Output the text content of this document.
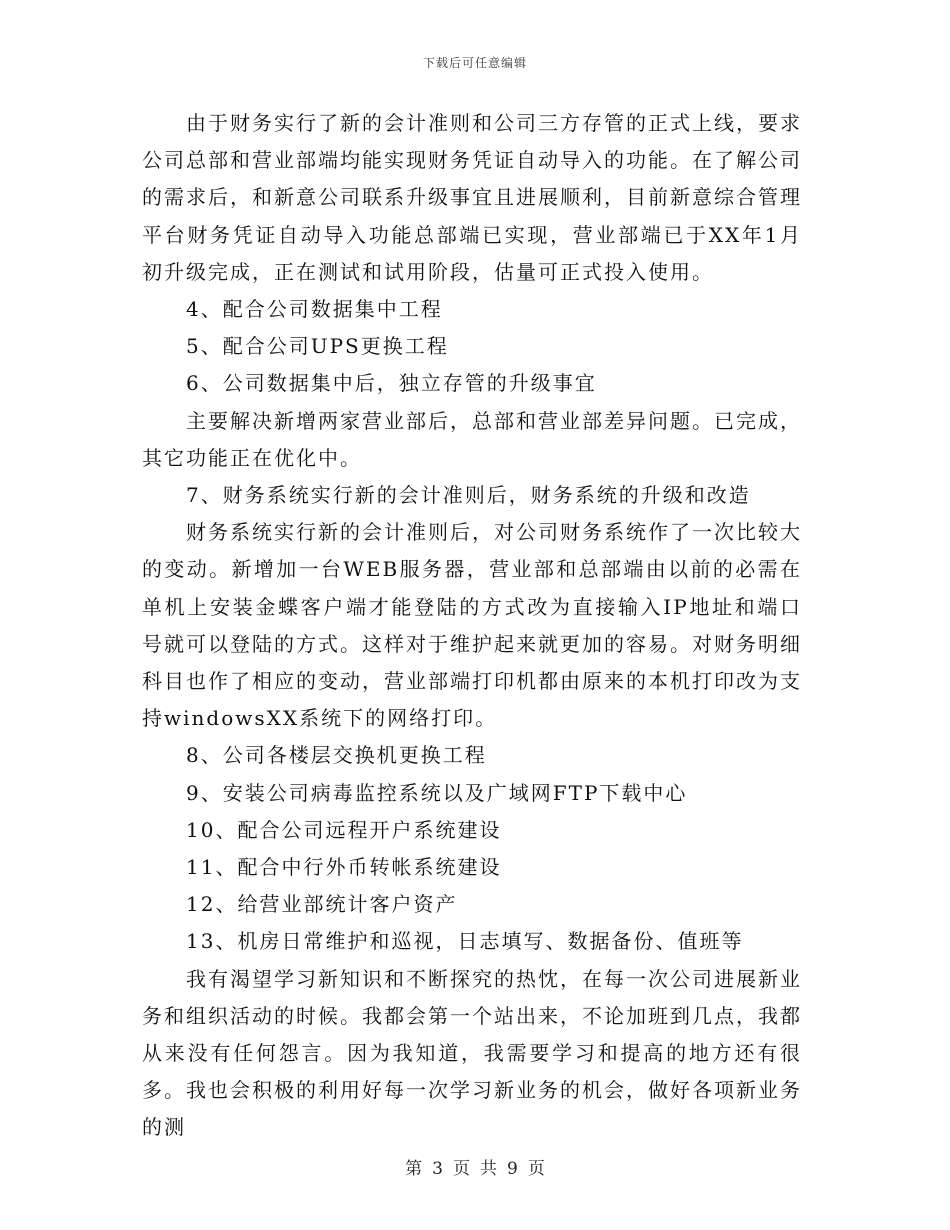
下载后可任意编辑

由于财务实行了新的会计准则和公司三方存管的正式上线，要求公司总部和营业部端均能实现财务凭证自动导入的功能。在了解公司的需求后，和新意公司联系升级事宜且进展顺利，目前新意综合管理平台财务凭证自动导入功能总部端已实现，营业部端已于XX年1月初升级完成，正在测试和试用阶段，估量可正式投入使用。

4、配合公司数据集中工程

5、配合公司UPS更换工程

6、公司数据集中后，独立存管的升级事宜

主要解决新增两家营业部后，总部和营业部差异问题。已完成，其它功能正在优化中。

7、财务系统实行新的会计准则后，财务系统的升级和改造

财务系统实行新的会计准则后，对公司财务系统作了一次比较大的变动。新增加一台WEB服务器，营业部和总部端由以前的必需在单机上安装金蝶客户端才能登陆的方式改为直接输入IP地址和端口号就可以登陆的方式。这样对于维护起来就更加的容易。对财务明细科目也作了相应的变动，营业部端打印机都由原来的本机打印改为支持windowsXX系统下的网络打印。

8、公司各楼层交换机更换工程

9、安装公司病毒监控系统以及广域网FTP下载中心

10、配合公司远程开户系统建设

11、配合中行外币转帐系统建设

12、给营业部统计客户资产

13、机房日常维护和巡视，日志填写、数据备份、值班等

我有渴望学习新知识和不断探究的热忱，在每一次公司进展新业务和组织活动的时候。我都会第一个站出来，不论加班到几点，我都从来没有任何怨言。因为我知道，我需要学习和提高的地方还有很多。我也会积极的利用好每一次学习新业务的机会，做好各项新业务的测

第 3 页 共 9 页
